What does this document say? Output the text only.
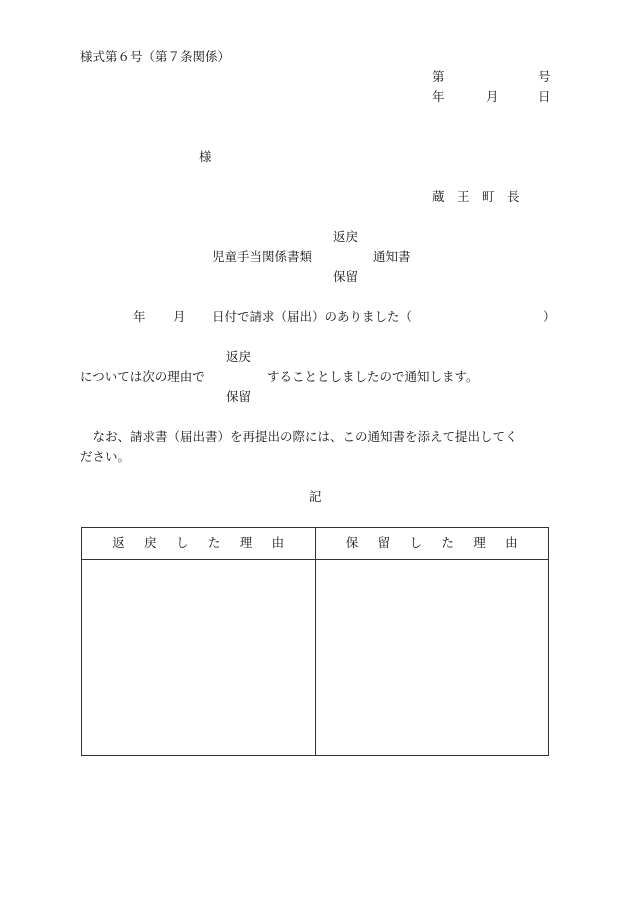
様式第６号（第７条関係）
第	号
年	月	日
様
蔵　王　町　長
返戻
児童手当関係書類	通知書
保留
年 月 日付で請求（届出）のありました（	）
返戻
については次の理由で	することとしましたので通知します。
保留
　なお、請求書（届出書）を再提出の際には、この通知書を添えて提出してく
ださい。
記
返戻した理由	保留した理由
